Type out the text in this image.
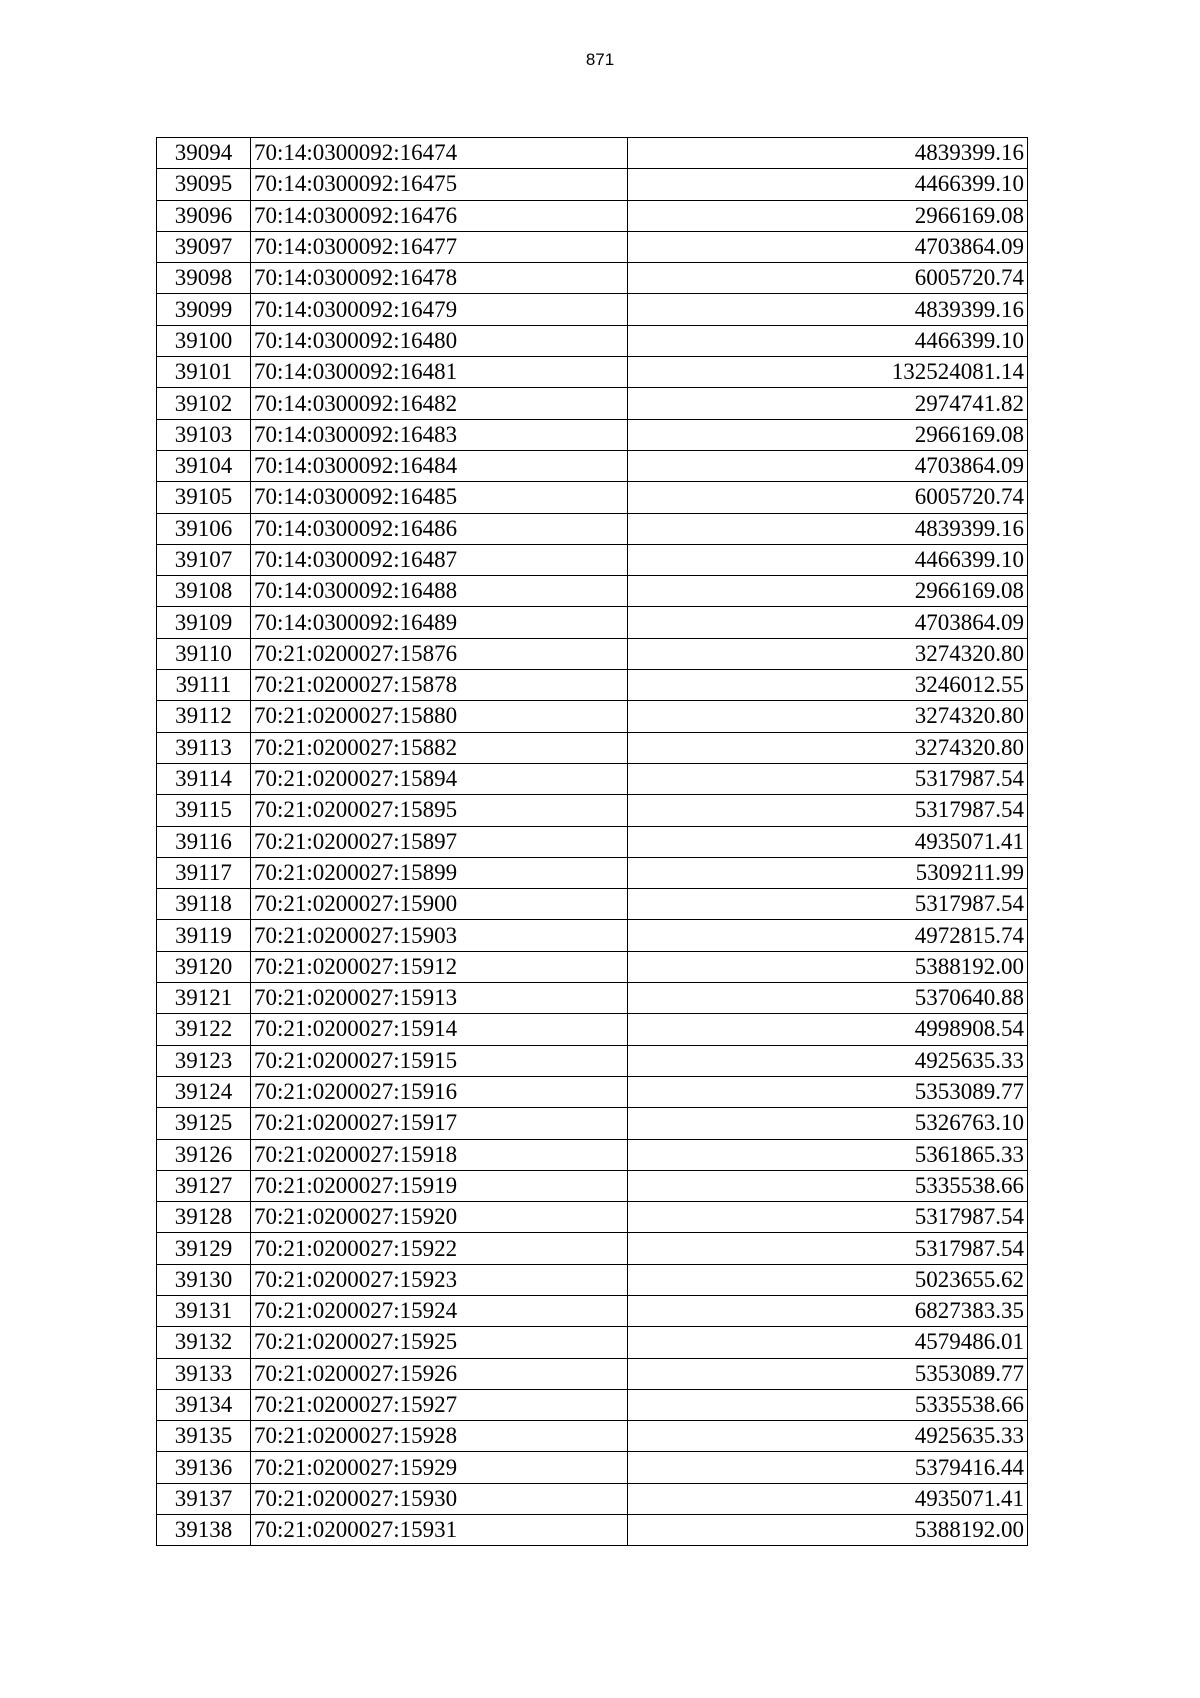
871
39094	70:14:0300092:16474	4839399.16
39095	70:14:0300092:16475	4466399.10
39096	70:14:0300092:16476	2966169.08
39097	70:14:0300092:16477	4703864.09
39098	70:14:0300092:16478	6005720.74
39099	70:14:0300092:16479	4839399.16
39100	70:14:0300092:16480	4466399.10
39101	70:14:0300092:16481	132524081.14
39102	70:14:0300092:16482	2974741.82
39103	70:14:0300092:16483	2966169.08
39104	70:14:0300092:16484	4703864.09
39105	70:14:0300092:16485	6005720.74
39106	70:14:0300092:16486	4839399.16
39107	70:14:0300092:16487	4466399.10
39108	70:14:0300092:16488	2966169.08
39109	70:14:0300092:16489	4703864.09
39110	70:21:0200027:15876	3274320.80
39111	70:21:0200027:15878	3246012.55
39112	70:21:0200027:15880	3274320.80
39113	70:21:0200027:15882	3274320.80
39114	70:21:0200027:15894	5317987.54
39115	70:21:0200027:15895	5317987.54
39116	70:21:0200027:15897	4935071.41
39117	70:21:0200027:15899	5309211.99
39118	70:21:0200027:15900	5317987.54
39119	70:21:0200027:15903	4972815.74
39120	70:21:0200027:15912	5388192.00
39121	70:21:0200027:15913	5370640.88
39122	70:21:0200027:15914	4998908.54
39123	70:21:0200027:15915	4925635.33
39124	70:21:0200027:15916	5353089.77
39125	70:21:0200027:15917	5326763.10
39126	70:21:0200027:15918	5361865.33
39127	70:21:0200027:15919	5335538.66
39128	70:21:0200027:15920	5317987.54
39129	70:21:0200027:15922	5317987.54
39130	70:21:0200027:15923	5023655.62
39131	70:21:0200027:15924	6827383.35
39132	70:21:0200027:15925	4579486.01
39133	70:21:0200027:15926	5353089.77
39134	70:21:0200027:15927	5335538.66
39135	70:21:0200027:15928	4925635.33
39136	70:21:0200027:15929	5379416.44
39137	70:21:0200027:15930	4935071.41
39138	70:21:0200027:15931	5388192.00
